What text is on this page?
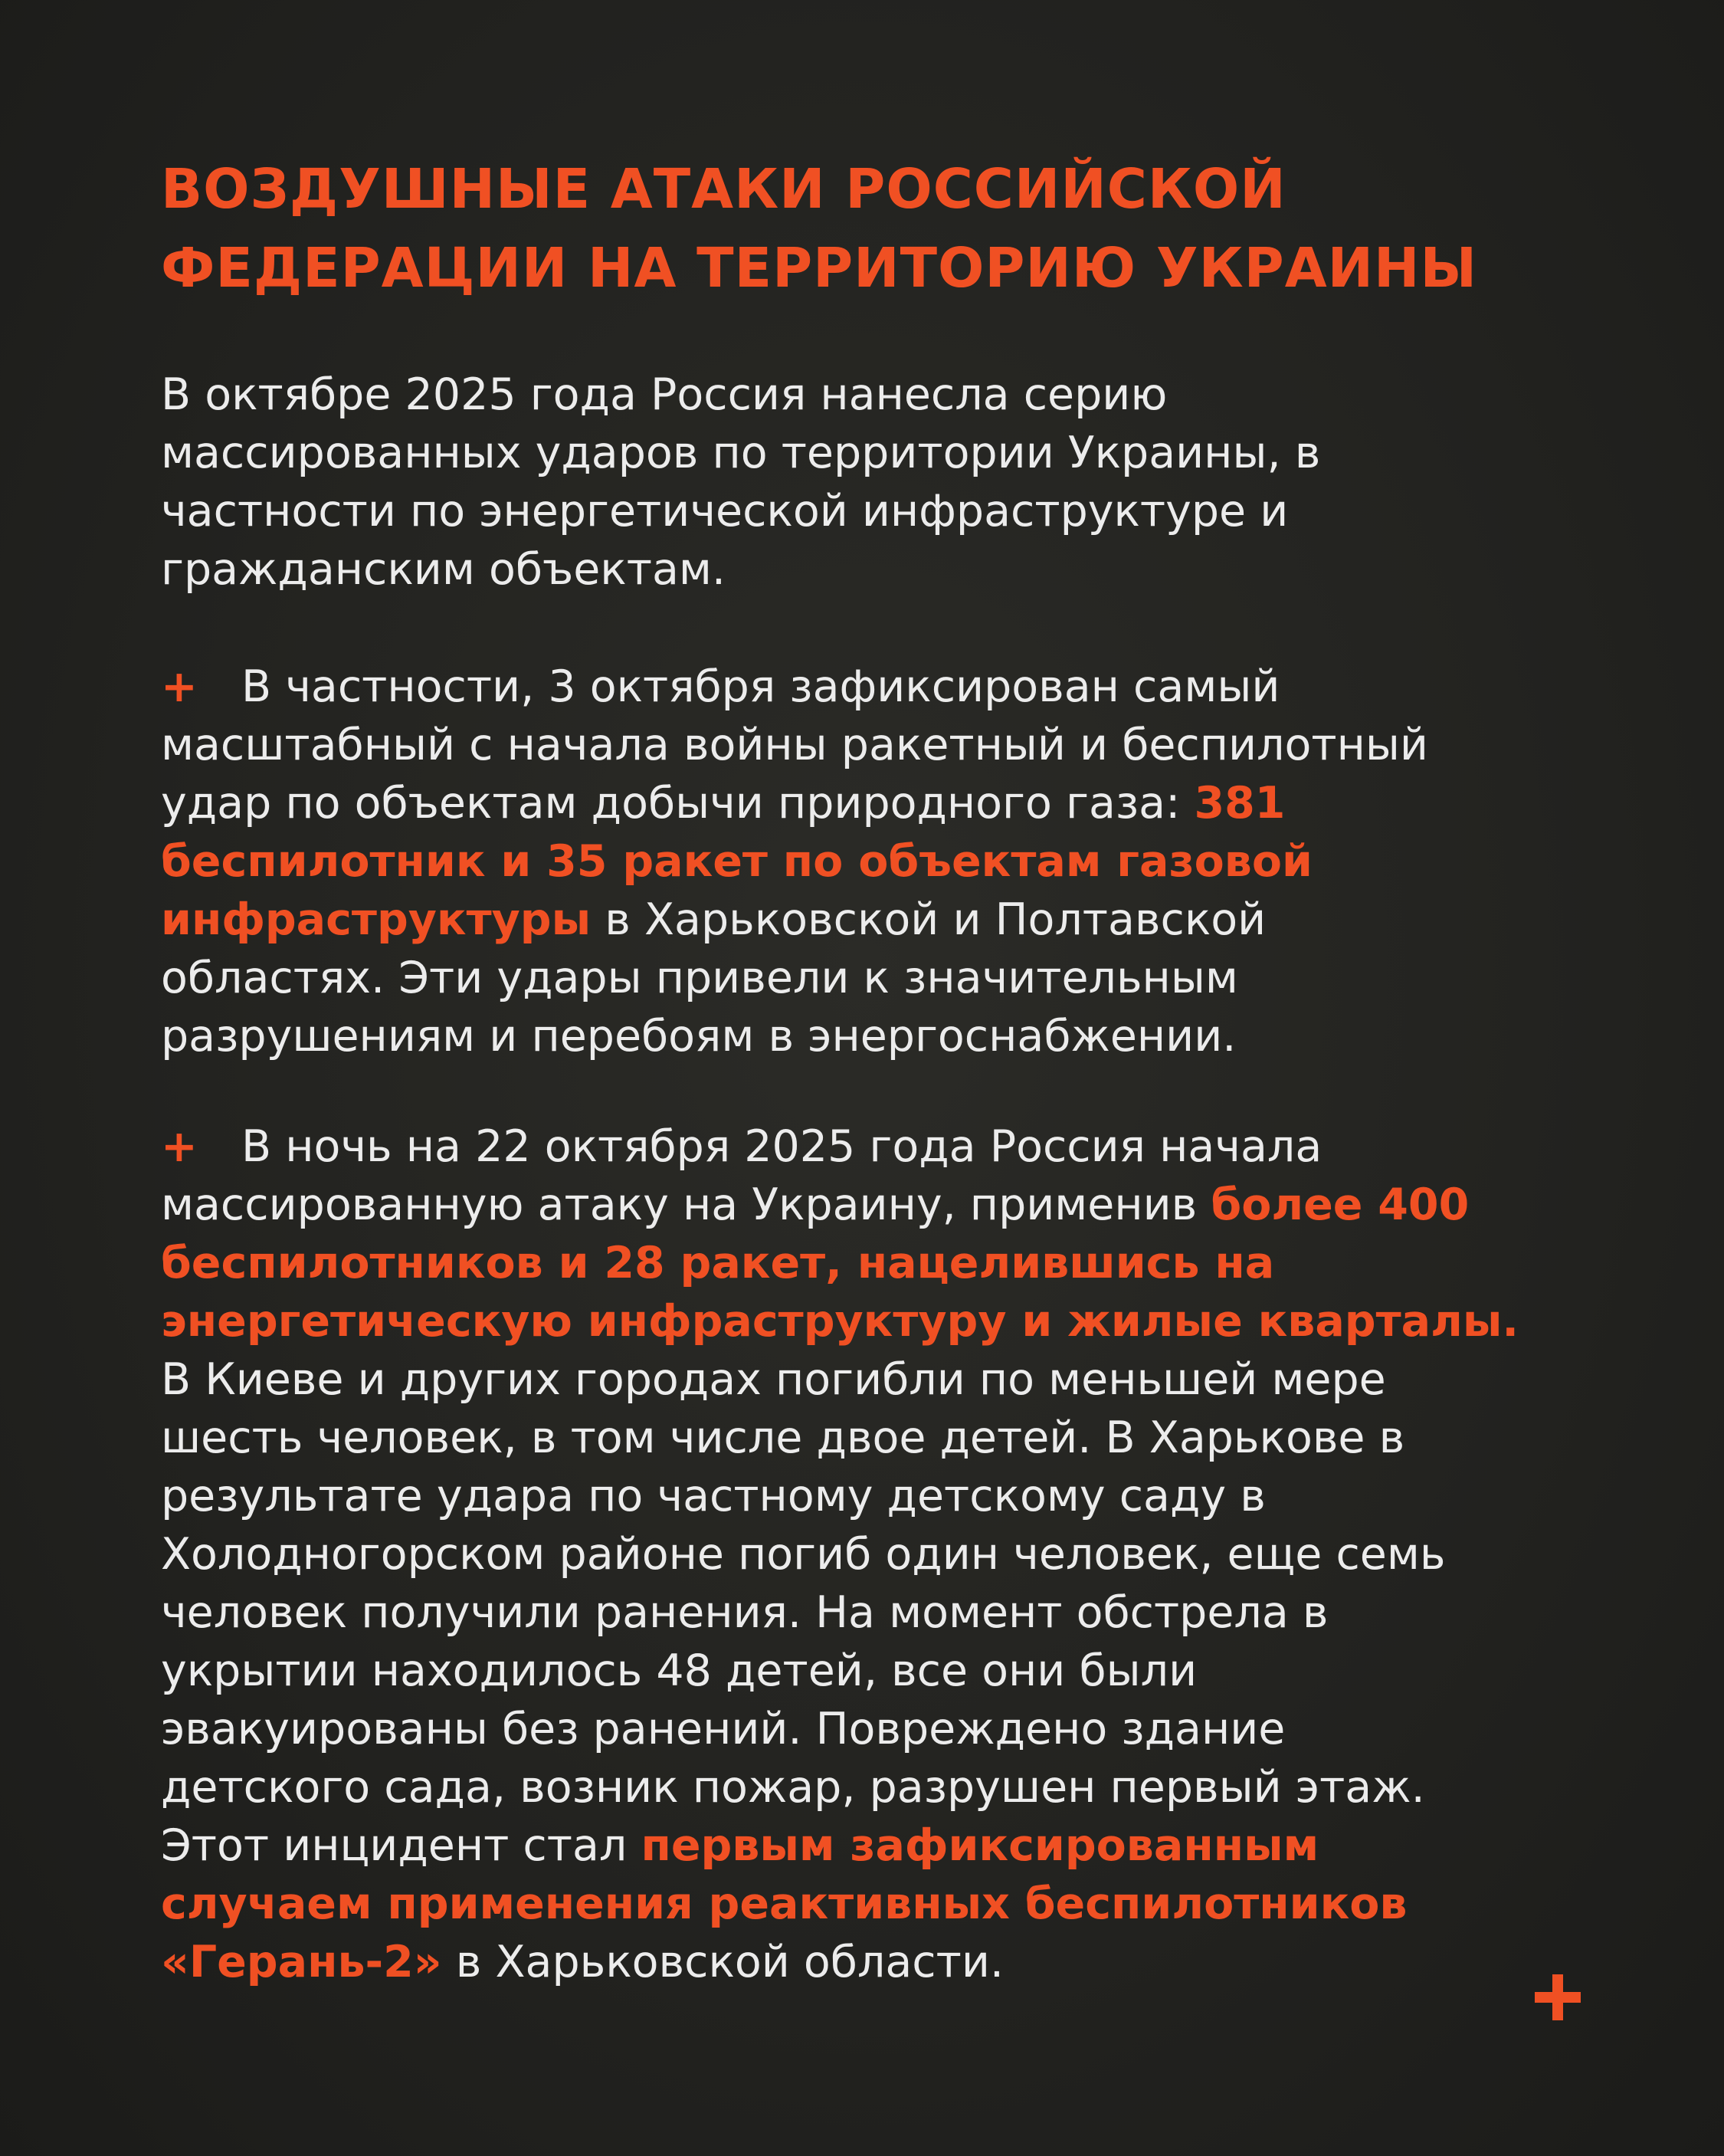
ВОЗДУШНЫЕ АТАКИ РОССИЙСКОЙ
ФЕДЕРАЦИИ НА ТЕРРИТОРИЮ УКРАИНЫ

В октябре 2025 года Россия нанесла серию
массированных ударов по территории Украины, в
частности по энергетической инфраструктуре и
гражданским объектам.

+ В частности, 3 октября зафиксирован самый
масштабный с начала войны ракетный и беспилотный
удар по объектам добычи природного газа: 381
беспилотник и 35 ракет по объектам газовой
инфраструктуры в Харьковской и Полтавской
областях. Эти удары привели к значительным
разрушениям и перебоям в энергоснабжении.

+ В ночь на 22 октября 2025 года Россия начала
массированную атаку на Украину, применив более 400
беспилотников и 28 ракет, нацелившись на
энергетическую инфраструктуру и жилые кварталы.
В Киеве и других городах погибли по меньшей мере
шесть человек, в том числе двое детей. В Харькове в
результате удара по частному детскому саду в
Холодногорском районе погиб один человек, еще семь
человек получили ранения. На момент обстрела в
укрытии находилось 48 детей, все они были
эвакуированы без ранений. Повреждено здание
детского сада, возник пожар, разрушен первый этаж.
Этот инцидент стал первым зафиксированным
случаем применения реактивных беспилотников
«Герань-2» в Харьковской области.
